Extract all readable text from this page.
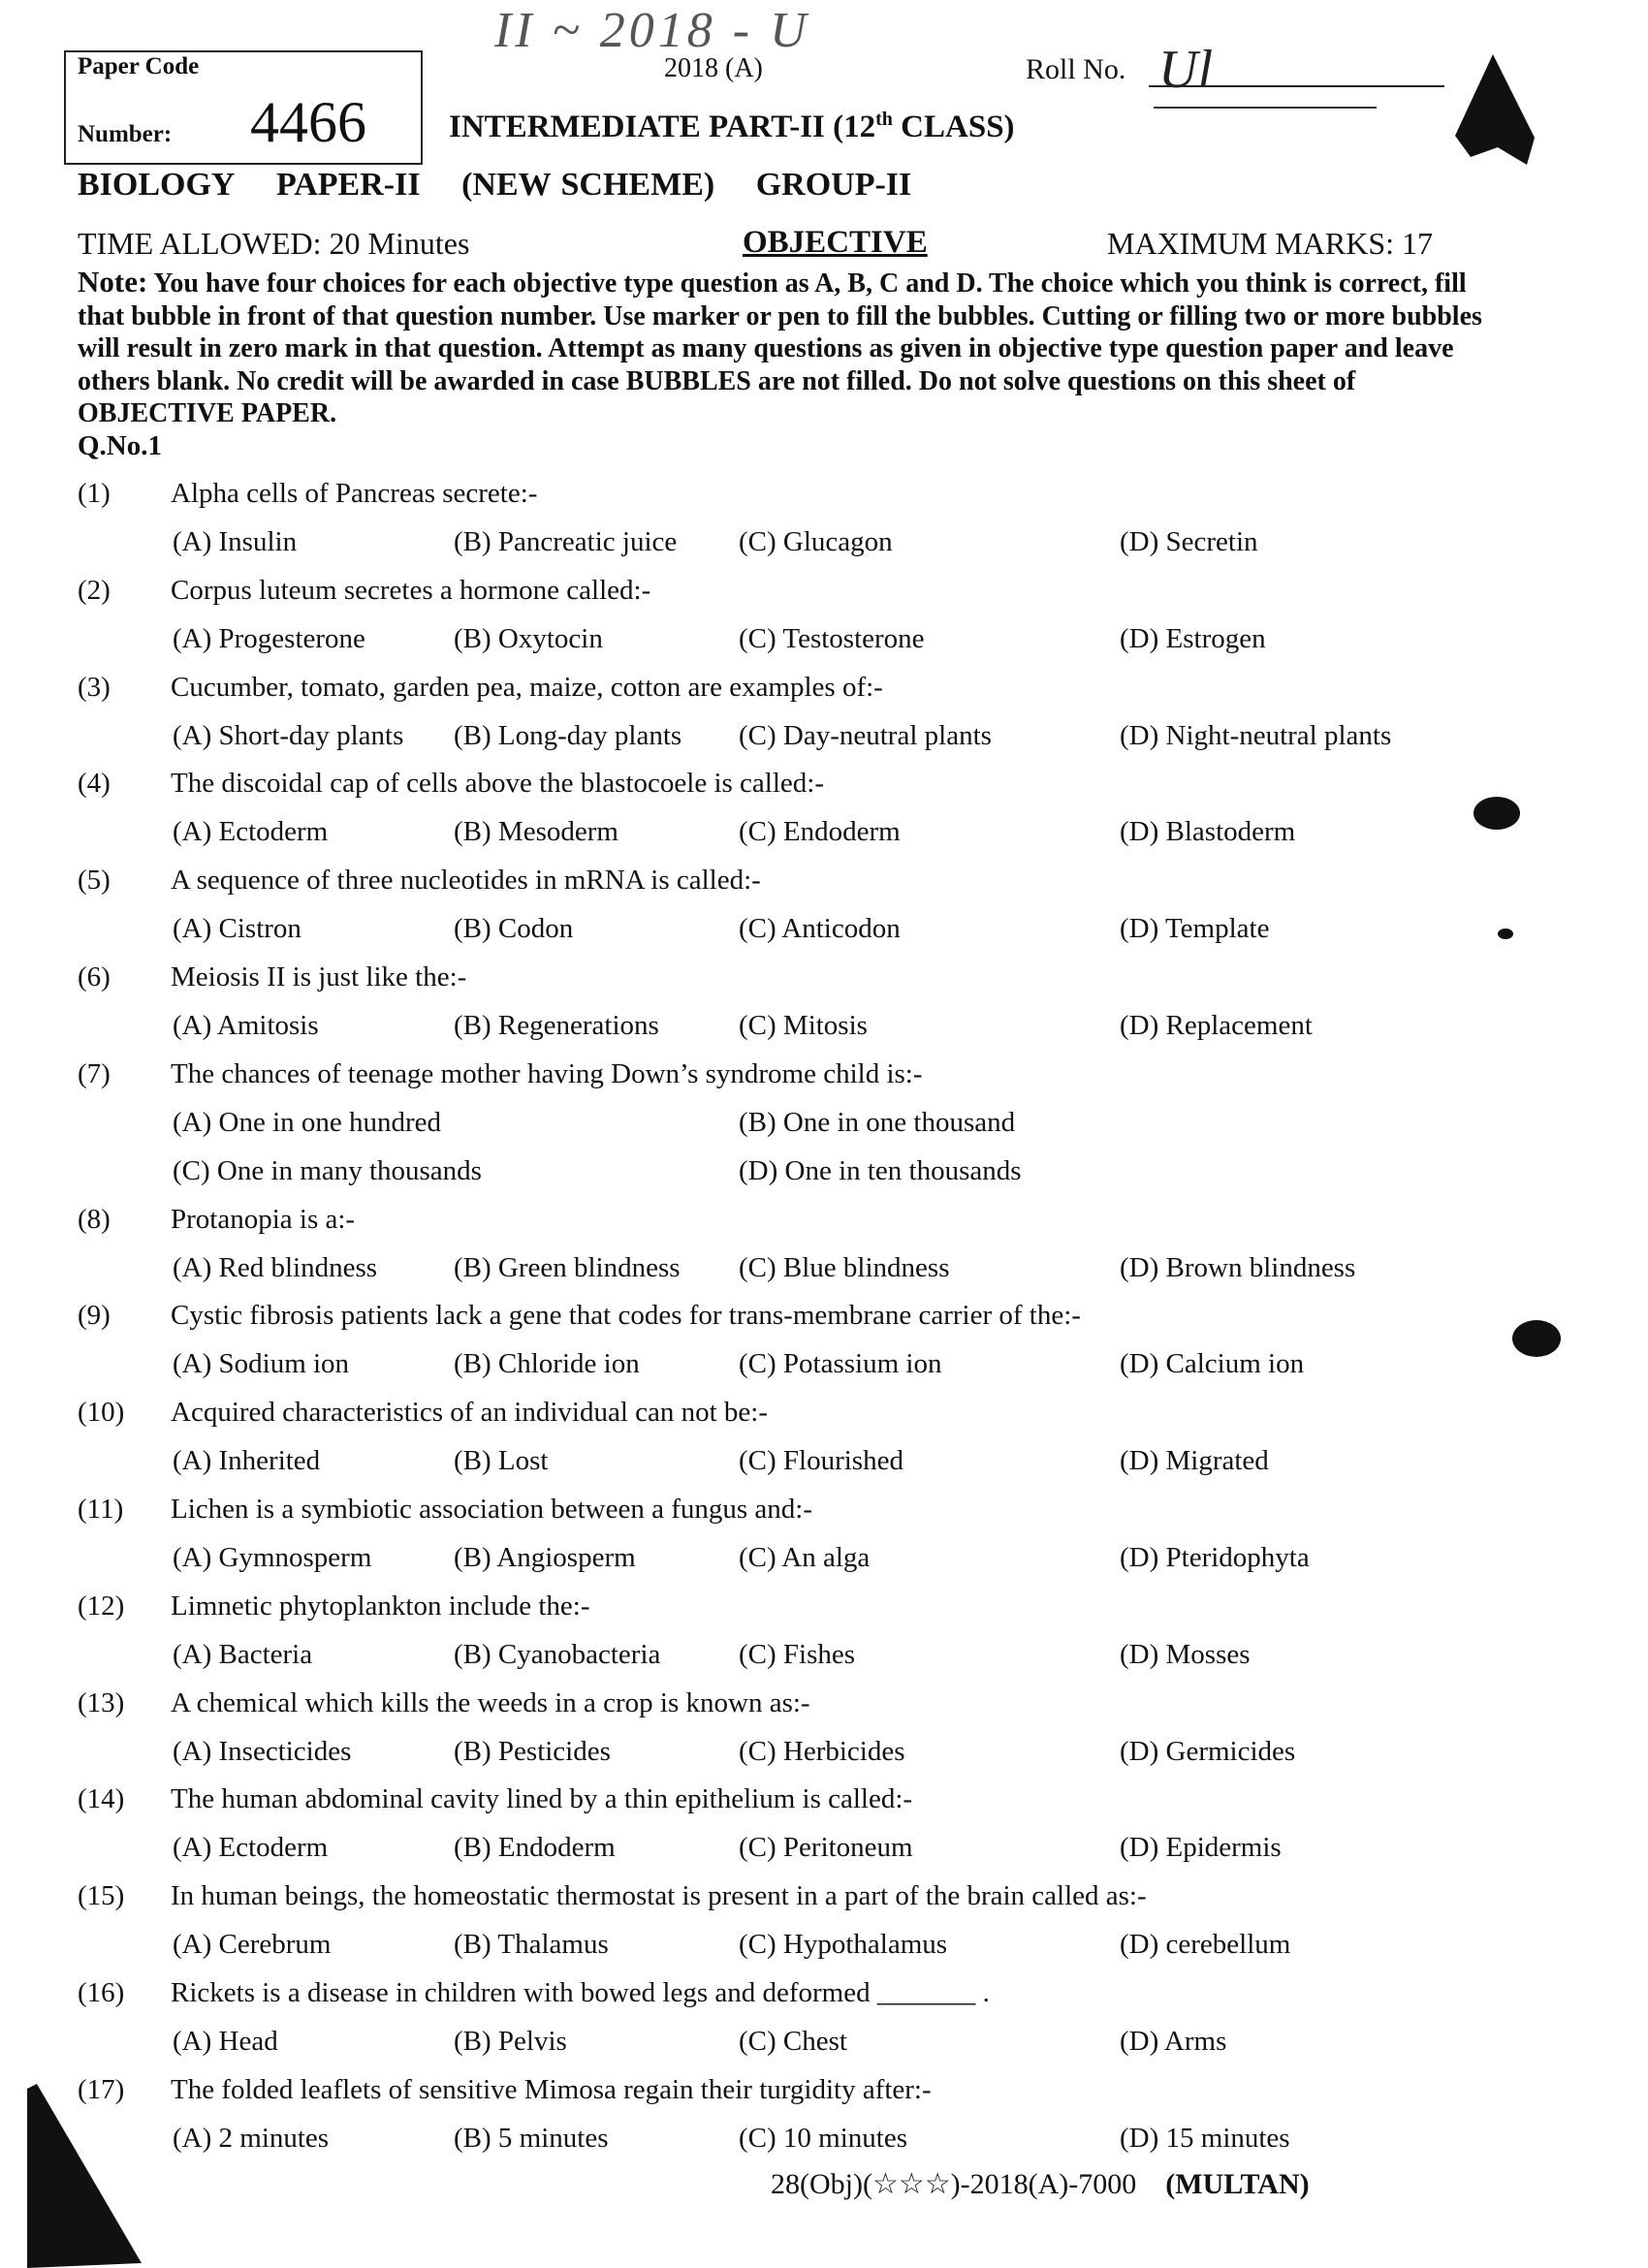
II ~ 2018 - U
Paper Code
Number: 4466
2018 (A)	Roll No. Ul
INTERMEDIATE PART-II (12th CLASS)
BIOLOGY PAPER-II (NEW SCHEME) GROUP-II
TIME ALLOWED: 20 Minutes	OBJECTIVE	MAXIMUM MARKS: 17
Note: You have four choices for each objective type question as A, B, C and D. The choice which you think is correct, fill that bubble in front of that question number. Use marker or pen to fill the bubbles. Cutting or filling two or more bubbles will result in zero mark in that question. Attempt as many questions as given in objective type question paper and leave others blank. No credit will be awarded in case BUBBLES are not filled. Do not solve questions on this sheet of OBJECTIVE PAPER.
Q.No.1
(1) Alpha cells of Pancreas secrete:-
(A) Insulin	(B) Pancreatic juice (C) Glucagon	(D) Secretin
(2) Corpus luteum secretes a hormone called:-
(A) Progesterone	(B) Oxytocin	(C) Testosterone	(D) Estrogen
(3) Cucumber, tomato, garden pea, maize, cotton are examples of:-
(A) Short-day plants (B) Long-day plants (C) Day-neutral plants	(D) Night-neutral plants
(4) The discoidal cap of cells above the blastocoele is called:-
(A) Ectoderm	(B) Mesoderm	(C) Endoderm	(D) Blastoderm
(5) A sequence of three nucleotides in mRNA is called:-
(A) Cistron	(B) Codon	(C) Anticodon	(D) Template
(6) Meiosis II is just like the:-
(A) Amitosis	(B) Regenerations	(C) Mitosis	(D) Replacement
(7) The chances of teenage mother having Down’s syndrome child is:-
(A) One in one hundred	(B) One in one thousand
(C) One in many thousands	(D) One in ten thousands
(8) Protanopia is a:-
(A) Red blindness	(B) Green blindness (C) Blue blindness	(D) Brown blindness
(9) Cystic fibrosis patients lack a gene that codes for trans-membrane carrier of the:-
(A) Sodium ion	(B) Chloride ion	(C) Potassium ion	(D) Calcium ion
(10) Acquired characteristics of an individual can not be:-
(A) Inherited	(B) Lost	(C) Flourished	(D) Migrated
(11) Lichen is a symbiotic association between a fungus and:-
(A) Gymnosperm	(B) Angiosperm	(C) An alga	(D) Pteridophyta
(12) Limnetic phytoplankton include the:-
(A) Bacteria	(B) Cyanobacteria	(C) Fishes	(D) Mosses
(13) A chemical which kills the weeds in a crop is known as:-
(A) Insecticides	(B) Pesticides	(C) Herbicides	(D) Germicides
(14) The human abdominal cavity lined by a thin epithelium is called:-
(A) Ectoderm	(B) Endoderm	(C) Peritoneum	(D) Epidermis
(15) In human beings, the homeostatic thermostat is present in a part of the brain called as:-
(A) Cerebrum	(B) Thalamus	(C) Hypothalamus	(D) cerebellum
(16) Rickets is a disease in children with bowed legs and deformed _______ .
(A) Head	(B) Pelvis	(C) Chest	(D) Arms
(17) The folded leaflets of sensitive Mimosa regain their turgidity after:-
(A) 2 minutes	(B) 5 minutes	(C) 10 minutes	(D) 15 minutes
28(Obj)(☆☆☆)-2018(A)-7000 (MULTAN)
